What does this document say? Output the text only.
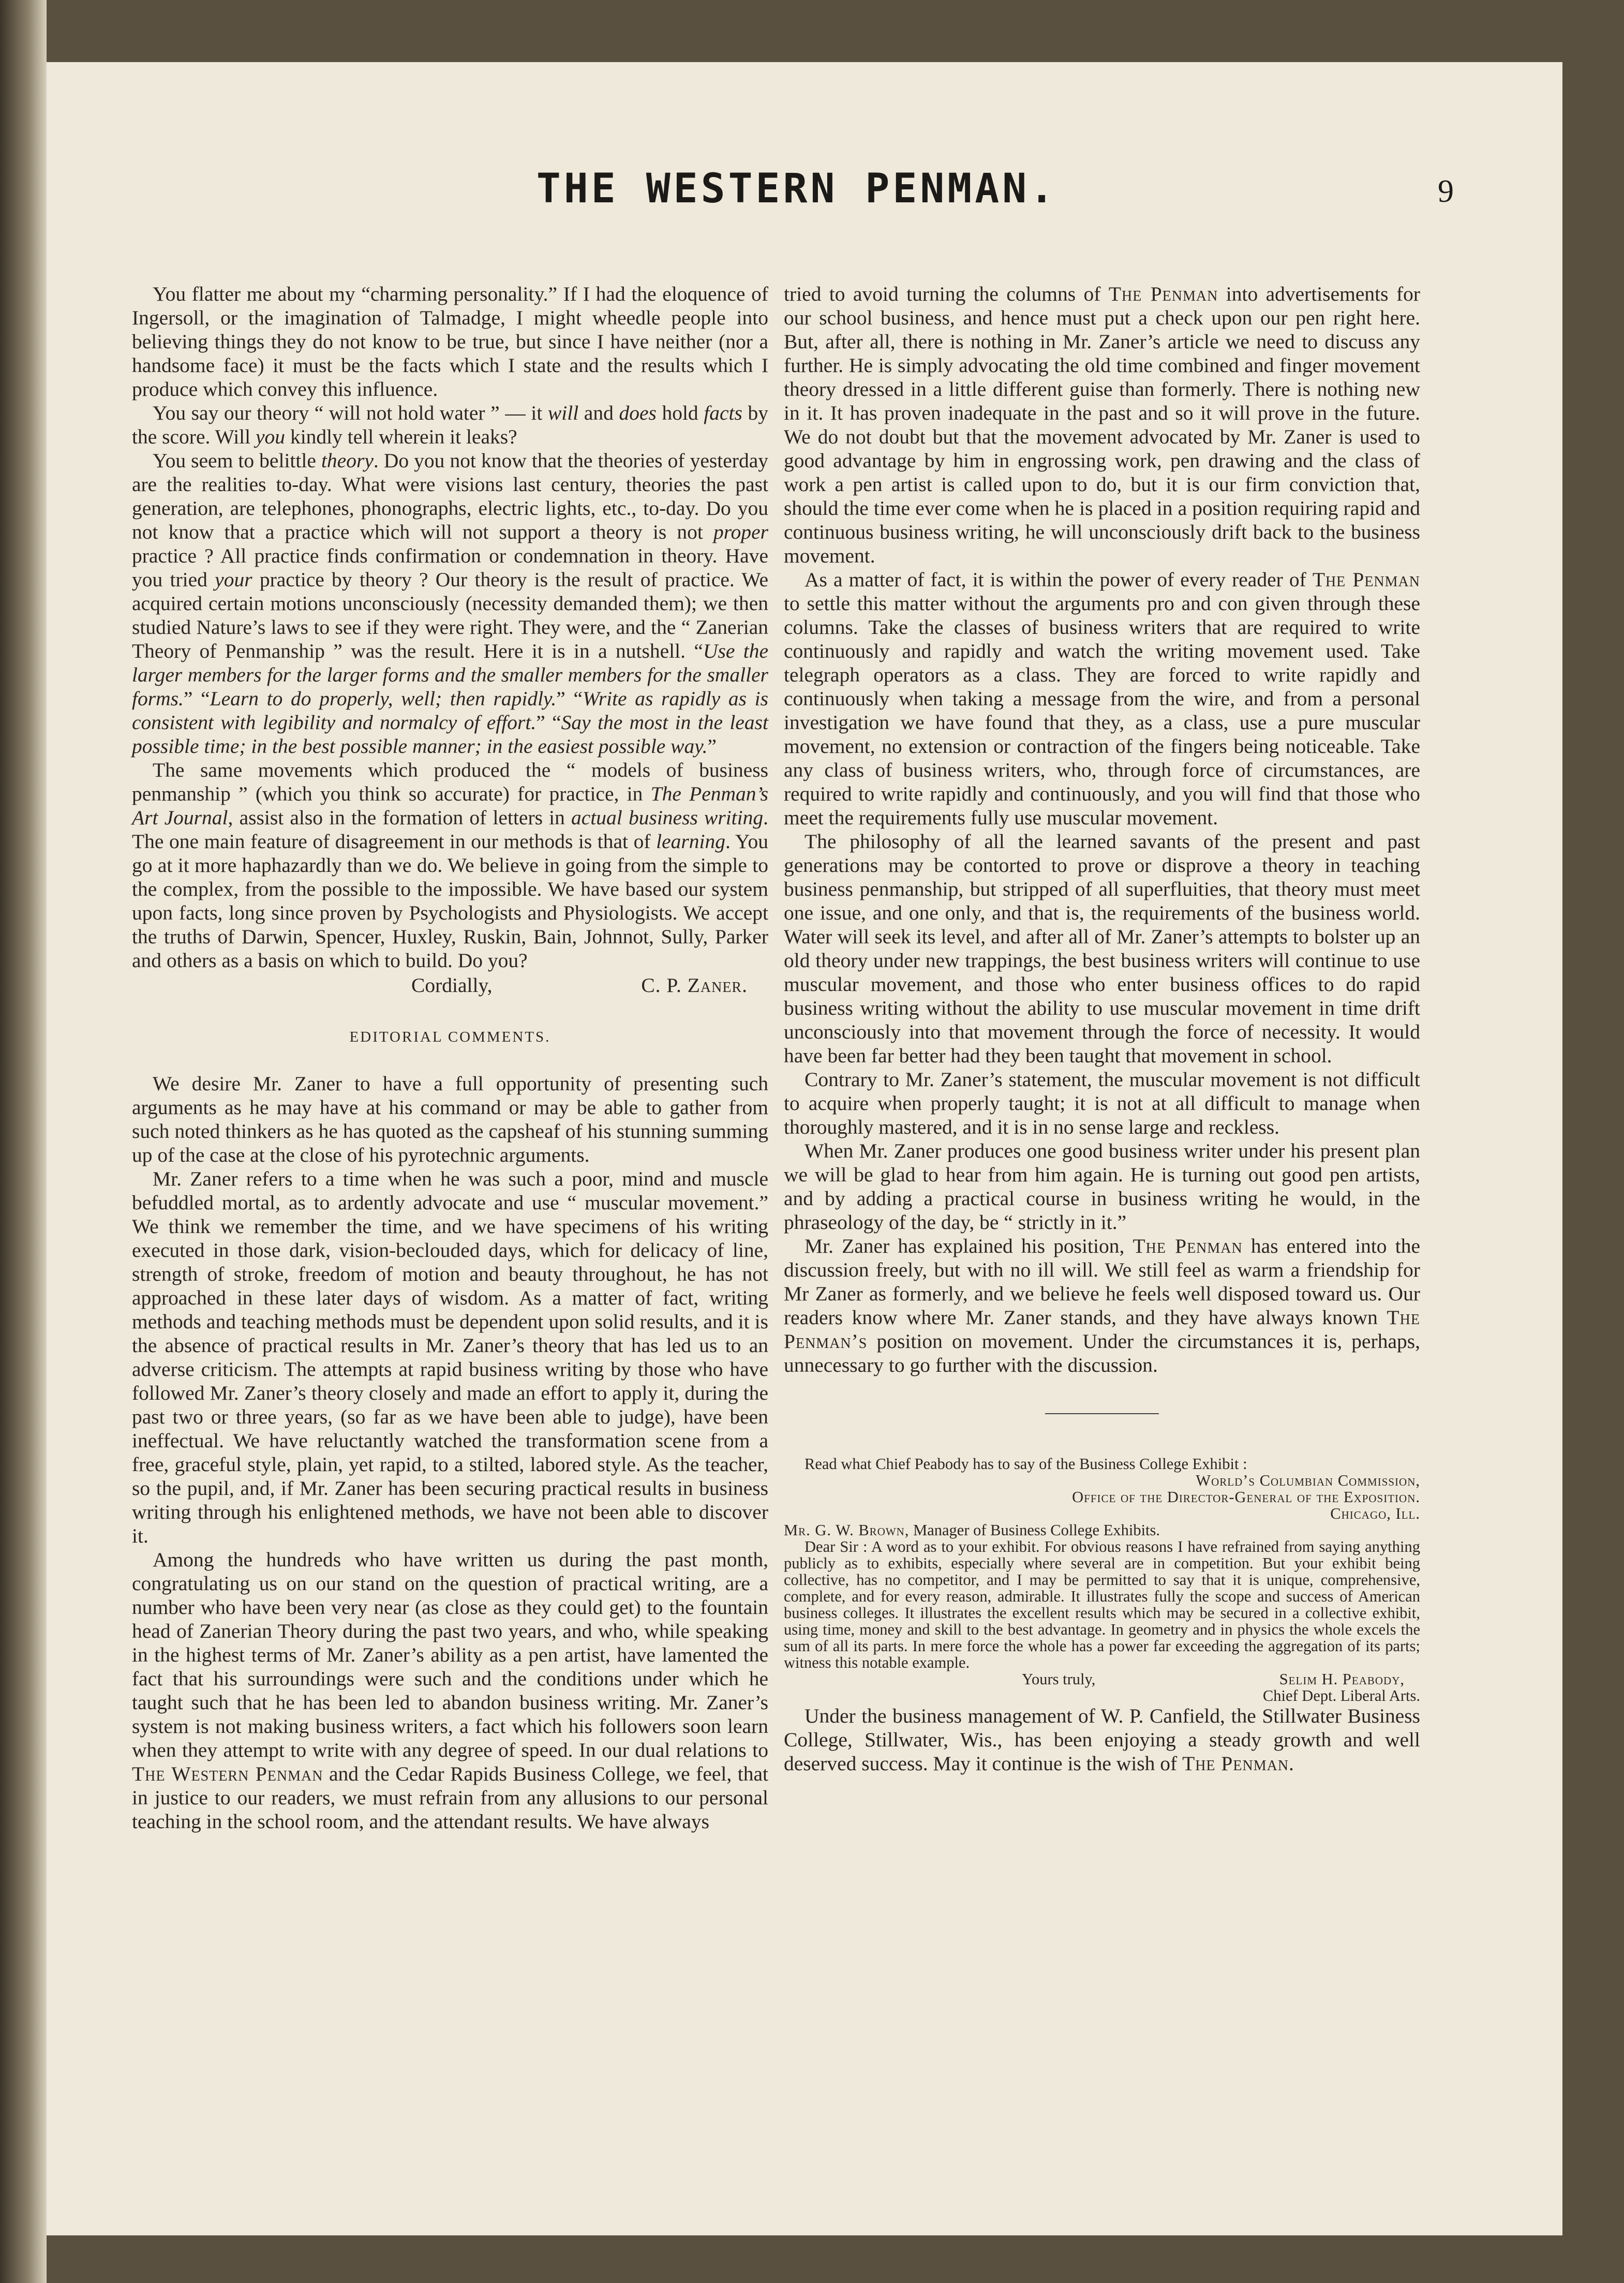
THE WESTERN PENMAN.	9

You flatter me about my “charming personality.” If I had the eloquence of Ingersoll, or the imagination of Talmadge, I might wheedle people into believing things they do not know to be true, but since I have neither (nor a handsome face) it must be the facts which I state and the results which I produce which convey this influence.

You say our theory “ will not hold water ” — it will and does hold facts by the score. Will you kindly tell wherein it leaks?

You seem to belittle theory. Do you not know that the theories of yesterday are the realities to-day. What were visions last century, theories the past generation, are telephones, phonographs, electric lights, etc., to-day. Do you not know that a practice which will not support a theory is not proper practice ? All practice finds confirmation or condemnation in theory. Have you tried your practice by theory ? Our theory is the result of practice. We acquired certain motions unconsciously (necessity demanded them); we then studied Nature’s laws to see if they were right. They were, and the “ Zanerian Theory of Penmanship ” was the result. Here it is in a nutshell. “Use the larger members for the larger forms and the smaller members for the smaller forms.” “Learn to do properly, well; then rapidly.” “Write as rapidly as is consistent with legibility and normalcy of effort.” “Say the most in the least possible time; in the best possible manner; in the easiest possible way.”

The same movements which produced the “ models of business penmanship ” (which you think so accurate) for practice, in The Penman’s Art Journal, assist also in the formation of letters in actual business writing. The one main feature of disagreement in our methods is that of learning. You go at it more haphazardly than we do. We believe in going from the simple to the complex, from the possible to the impossible. We have based our system upon facts, long since proven by Psychologists and Physiologists. We accept the truths of Darwin, Spencer, Huxley, Ruskin, Bain, Johnnot, Sully, Parker and others as a basis on which to build. Do you?

Cordially,	C. P. Zaner.
EDITORIAL COMMENTS.

We desire Mr. Zaner to have a full opportunity of presenting such arguments as he may have at his command or may be able to gather from such noted thinkers as he has quoted as the capsheaf of his stunning summing up of the case at the close of his pyrotechnic arguments.

Mr. Zaner refers to a time when he was such a poor, mind and muscle befuddled mortal, as to ardently advocate and use “ muscular movement.” We think we remember the time, and we have specimens of his writing executed in those dark, vision-beclouded days, which for delicacy of line, strength of stroke, freedom of motion and beauty throughout, he has not approached in these later days of wisdom. As a matter of fact, writing methods and teaching methods must be dependent upon solid results, and it is the absence of practical results in Mr. Zaner’s theory that has led us to an adverse criticism. The attempts at rapid business writing by those who have followed Mr. Zaner’s theory closely and made an effort to apply it, during the past two or three years, (so far as we have been able to judge), have been ineffectual. We have reluctantly watched the transformation scene from a free, graceful style, plain, yet rapid, to a stilted, labored style. As the teacher, so the pupil, and, if Mr. Zaner has been securing practical results in business writing through his enlightened methods, we have not been able to discover it.

Among the hundreds who have written us during the past month, congratulating us on our stand on the question of practical writing, are a number who have been very near (as close as they could get) to the fountain head of Zanerian Theory during the past two years, and who, while speaking in the highest terms of Mr. Zaner’s ability as a pen artist, have lamented the fact that his surroundings were such and the conditions under which he taught such that he has been led to abandon business writing. Mr. Zaner’s system is not making business writers, a fact which his followers soon learn when they attempt to write with any degree of speed. In our dual relations to The Western Penman and the Cedar Rapids Business College, we feel, that in justice to our readers, we must refrain from any allusions to our personal teaching in the school room, and the attendant results. We have always

tried to avoid turning the columns of The Penman into advertisements for our school business, and hence must put a check upon our pen right here. But, after all, there is nothing in Mr. Zaner’s article we need to discuss any further. He is simply advocating the old time combined and finger movement theory dressed in a little different guise than formerly. There is nothing new in it. It has proven inadequate in the past and so it will prove in the future. We do not doubt but that the movement advocated by Mr. Zaner is used to good advantage by him in engrossing work, pen drawing and the class of work a pen artist is called upon to do, but it is our firm conviction that, should the time ever come when he is placed in a position requiring rapid and continuous business writing, he will unconsciously drift back to the business movement.

As a matter of fact, it is within the power of every reader of The Penman to settle this matter without the arguments pro and con given through these columns. Take the classes of business writers that are required to write continuously and rapidly and watch the writing movement used. Take telegraph operators as a class. They are forced to write rapidly and continuously when taking a message from the wire, and from a personal investigation we have found that they, as a class, use a pure muscular movement, no extension or contraction of the fingers being noticeable. Take any class of business writers, who, through force of circumstances, are required to write rapidly and continuously, and you will find that those who meet the requirements fully use muscular movement.

The philosophy of all the learned savants of the present and past generations may be contorted to prove or disprove a theory in teaching business penmanship, but stripped of all superfluities, that theory must meet one issue, and one only, and that is, the requirements of the business world. Water will seek its level, and after all of Mr. Zaner’s attempts to bolster up an old theory under new trappings, the best business writers will continue to use muscular movement, and those who enter business offices to do rapid business writing without the ability to use muscular movement in time drift unconsciously into that movement through the force of necessity. It would have been far better had they been taught that movement in school.

Contrary to Mr. Zaner’s statement, the muscular movement is not difficult to acquire when properly taught; it is not at all difficult to manage when thoroughly mastered, and it is in no sense large and reckless.

When Mr. Zaner produces one good business writer under his present plan we will be glad to hear from him again. He is turning out good pen artists, and by adding a practical course in business writing he would, in the phraseology of the day, be “ strictly in it.”

Mr. Zaner has explained his position, The Penman has entered into the discussion freely, but with no ill will. We still feel as warm a friendship for Mr Zaner as formerly, and we believe he feels well disposed toward us. Our readers know where Mr. Zaner stands, and they have always known The Penman’s position on movement. Under the circumstances it is, perhaps, unnecessary to go further with the discussion.

Read what Chief Peabody has to say of the Business College Exhibit :

World’s Columbian Commission,
Office of the Director-General of the Exposition.
Chicago, Ill.
Mr. G. W. Brown, Manager of Business College Exhibits.

Dear Sir : A word as to your exhibit. For obvious reasons I have refrained from saying anything publicly as to exhibits, especially where several are in competition. But your exhibit being collective, has no competitor, and I may be permitted to say that it is unique, comprehensive, complete, and for every reason, admirable. It illustrates fully the scope and success of American business colleges. It illustrates the excellent results which may be secured in a collective exhibit, using time, money and skill to the best advantage. In geometry and in physics the whole excels the sum of all its parts. In mere force the whole has a power far exceeding the aggregation of its parts; witness this notable example.

Yours truly,	Selim H. Peabody,
Chief Dept. Liberal Arts.

Under the business management of W. P. Canfield, the Stillwater Business College, Stillwater, Wis., has been enjoying a steady growth and well deserved success. May it continue is the wish of The Penman.
